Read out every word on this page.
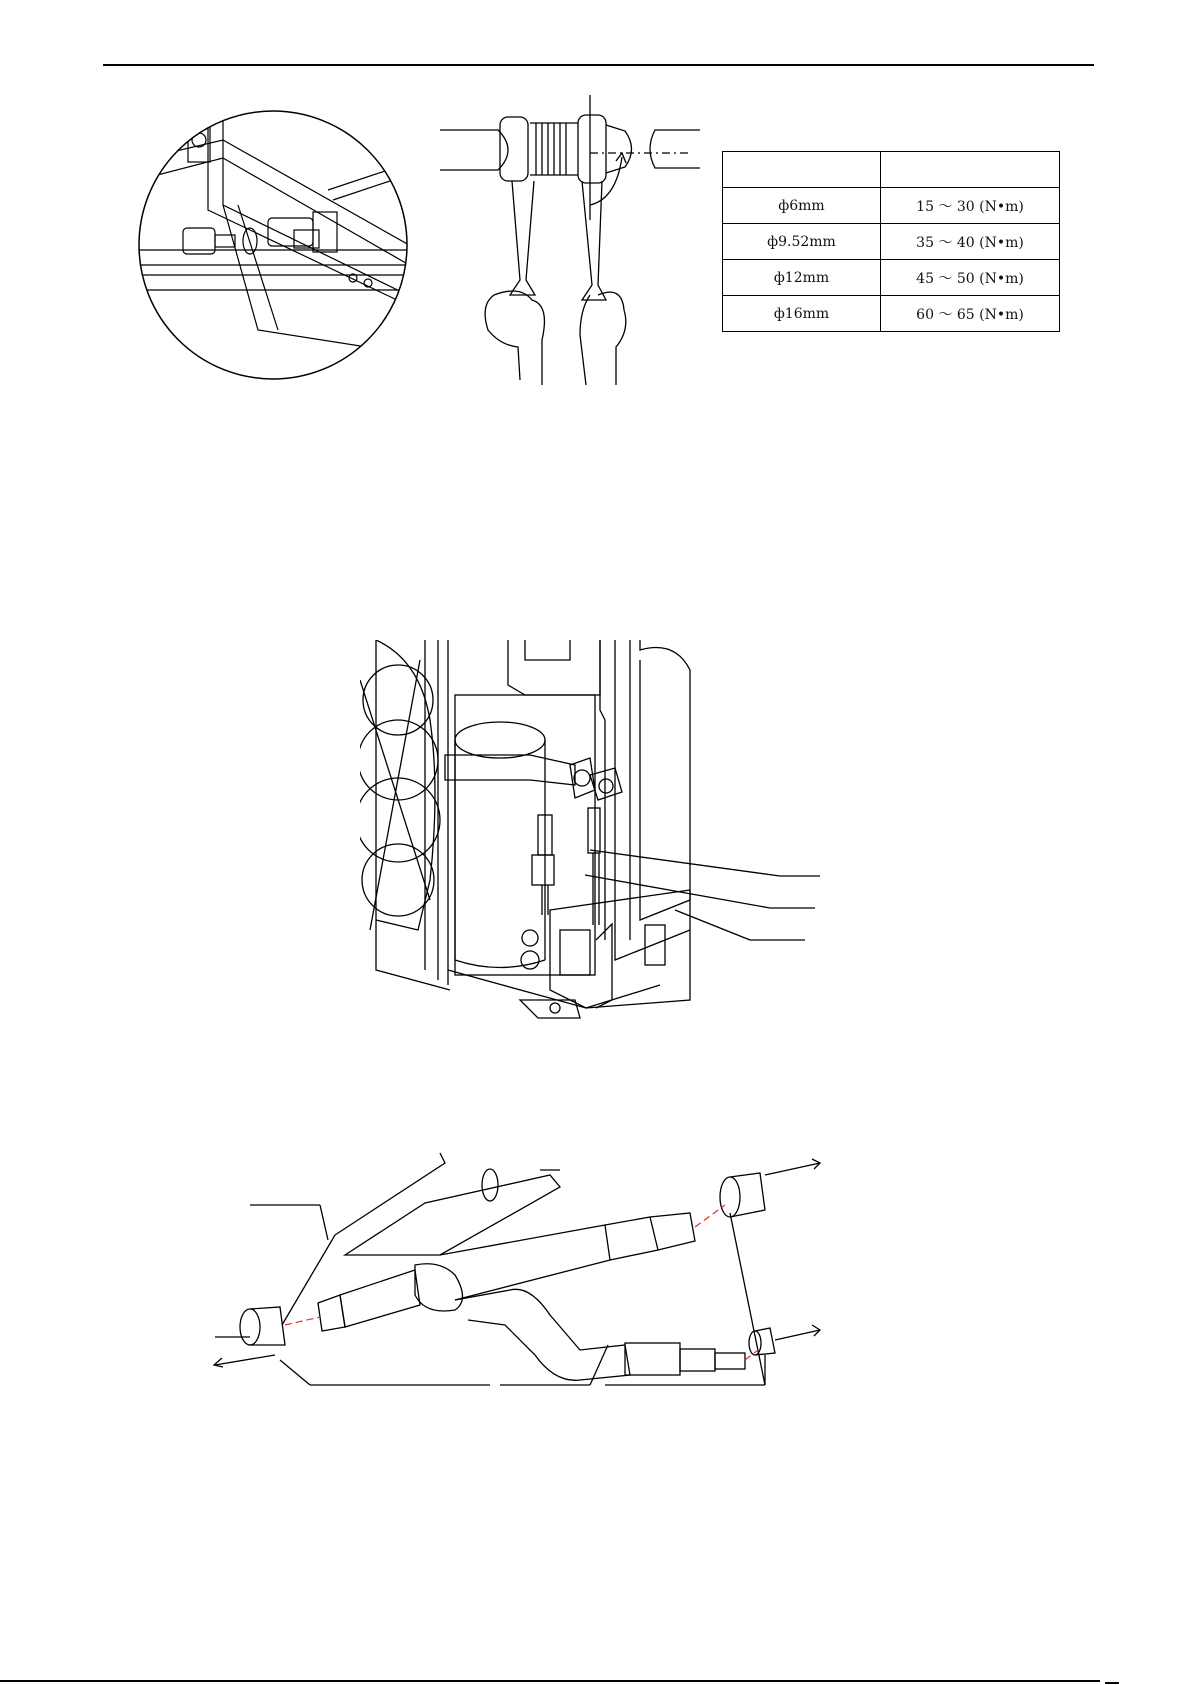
ф6mm	15 ～ 30 (N•m)
ф9.52mm	35 ～ 40 (N•m)
ф12mm	45 ～ 50 (N•m)
ф16mm	60 ～ 65 (N•m)
